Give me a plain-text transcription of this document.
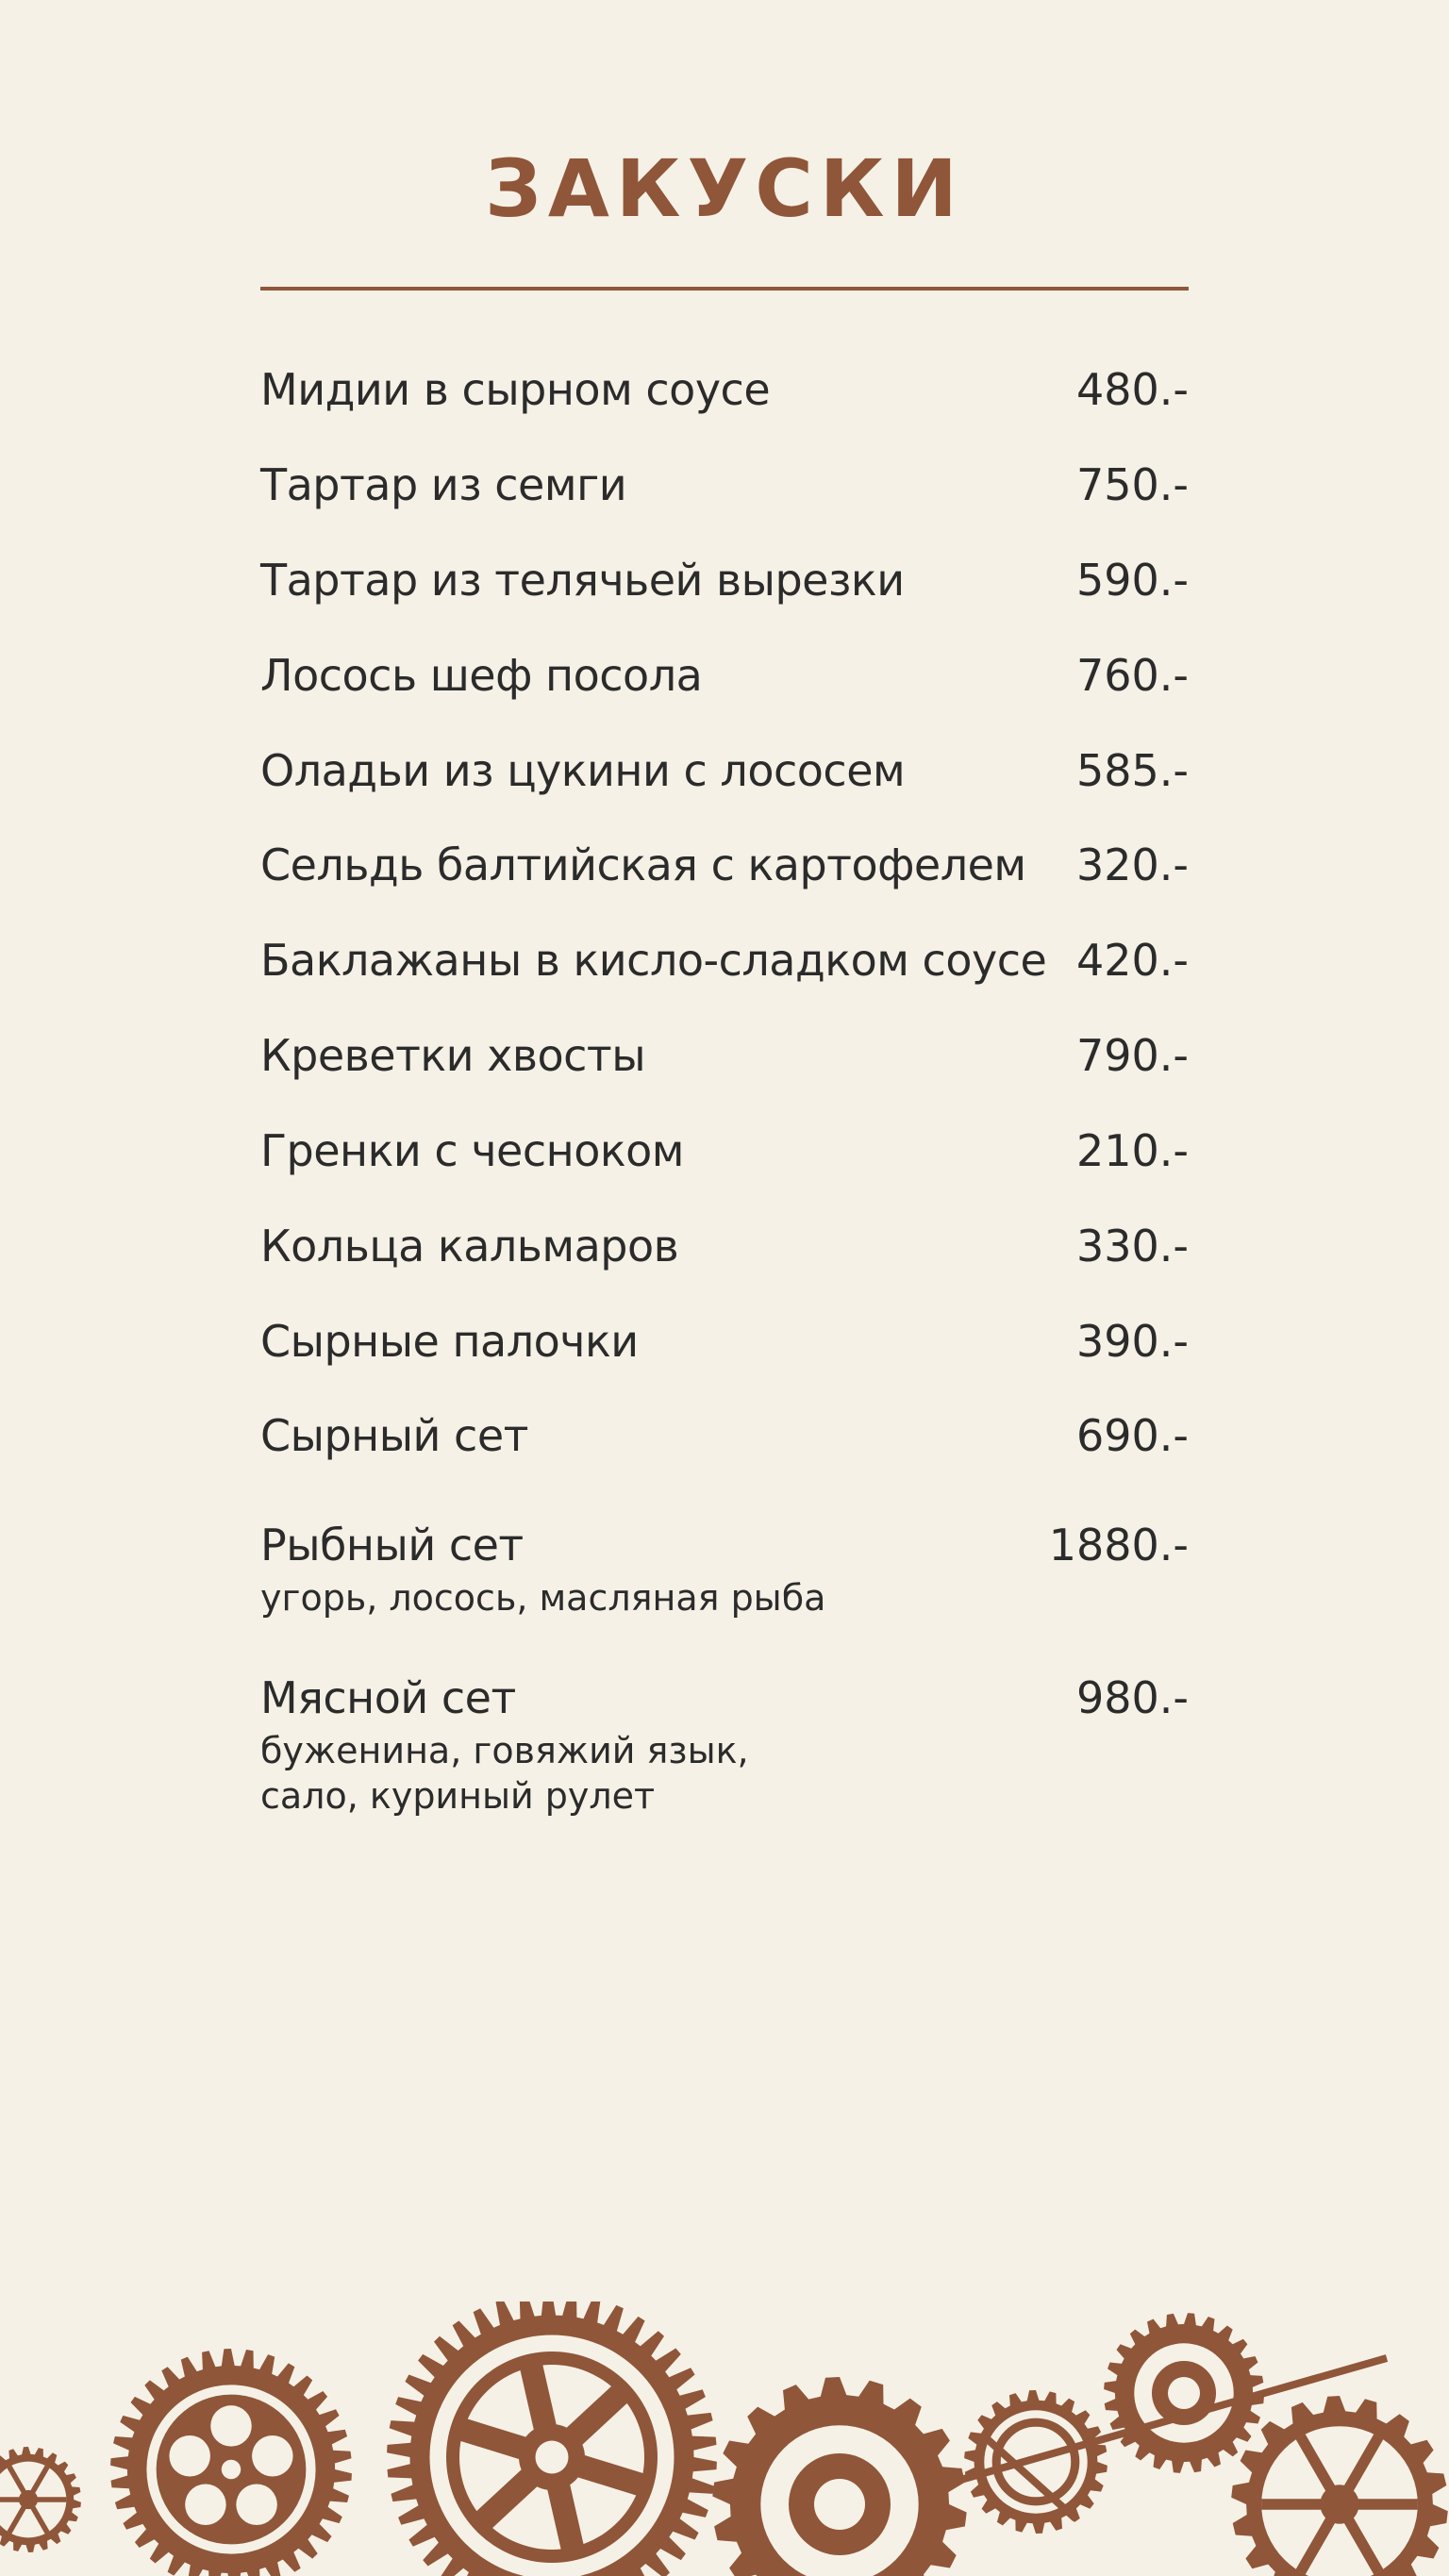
ЗАКУСКИ
Мидии в сырном соусе	480.-
Тартар из семги	750.-
Тартар из телячьей вырезки	590.-
Лосось шеф посола	760.-
Оладьи из цукини с лососем	585.-
Сельдь балтийская с картофелем 320.-
Баклажаны в кисло-сладком соусе 420.-
Креветки хвосты	790.-
Гренки с чесноком	210.-
Кольца кальмаров	330.-
Сырные палочки	390.-
Сырный сет	690.-
Рыбный сет	1880.-
угорь, лосось, масляная рыба
Мясной сет	980.-
буженина, говяжий язык, сало, куриный рулет
